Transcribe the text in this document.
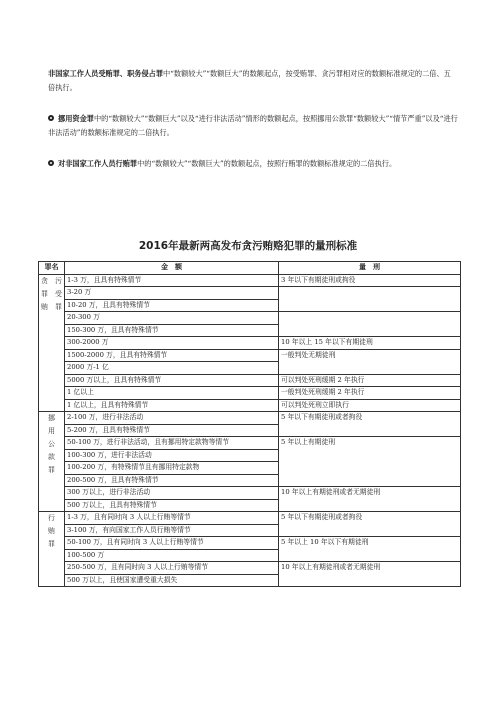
非国家工作人员受贿罪、职务侵占罪中“数额较大”“数额巨大”的数额起点，按受贿罪、贪污罪相对应的数额标准规定的二倍、五倍执行。
挪用资金罪中的“数额较大”“数额巨大”以及“进行非法活动”情形的数额起点，按照挪用公款罪“数额较大”“情节严重”以及“进行非法活动”的数额标准规定的二倍执行。
对非国家工作人员行贿罪中的“数额较大”“数额巨大”的数额起点，按照行贿罪的数额标准规定的二倍执行。
2016年最新两高发布贪污贿赂犯罪的量刑标准
罪名	金　额	量　刑

贪　污
罪　受
贿　罪	1-3 万，且具有特殊情节	3 年以下有期徒刑或拘役
	3-20 万	
	10-20 万，且具有特殊情节	
	20-300 万	
	150-300 万，且具有特殊情节	
	300-2000 万	10 年以上 15 年以下有期徒刑
	1500-2000 万，且具有特殊情节	一般判处无期徒刑
	2000 万-1 亿	
	5000 万以上，且具有特殊情节	可以判处死刑缓期 2 年执行
	1 亿以上	一般判处死刑缓期 2 年执行
	1 亿以上，且具有特殊情节	可以判处死刑立即执行

挪
用
公
款
罪	2-100 万，进行非法活动	5 年以下有期徒刑或者拘役
	5-200 万，且具有特殊情节	
	50-100 万，进行非法活动，且有挪用特定款物等情节	5 年以上有期徒刑
	100-300 万，进行非法活动	
	100-200 万，有特殊情节且有挪用特定款物	
	200-500 万，且具有特殊情节	
	300 万以上，进行非法活动	10 年以上有期徒刑或者无期徒刑
	500 万以上，且具有特殊情节	

行
贿
罪	1-3 万，且有同时向 3 人以上行贿等情节	5 年以下有期徒刑或者拘役
	3-100 万，有向国家工作人员行贿等情节	
	50-100 万，且有同时向 3 人以上行贿等情节	5 年以上 10 年以下有期徒刑
	100-500 万	
	250-500 万，且有同时向 3 人以上行贿等情节	10 年以上有期徒刑或者无期徒刑
	500 万以上，且使国家遭受重大损失	
